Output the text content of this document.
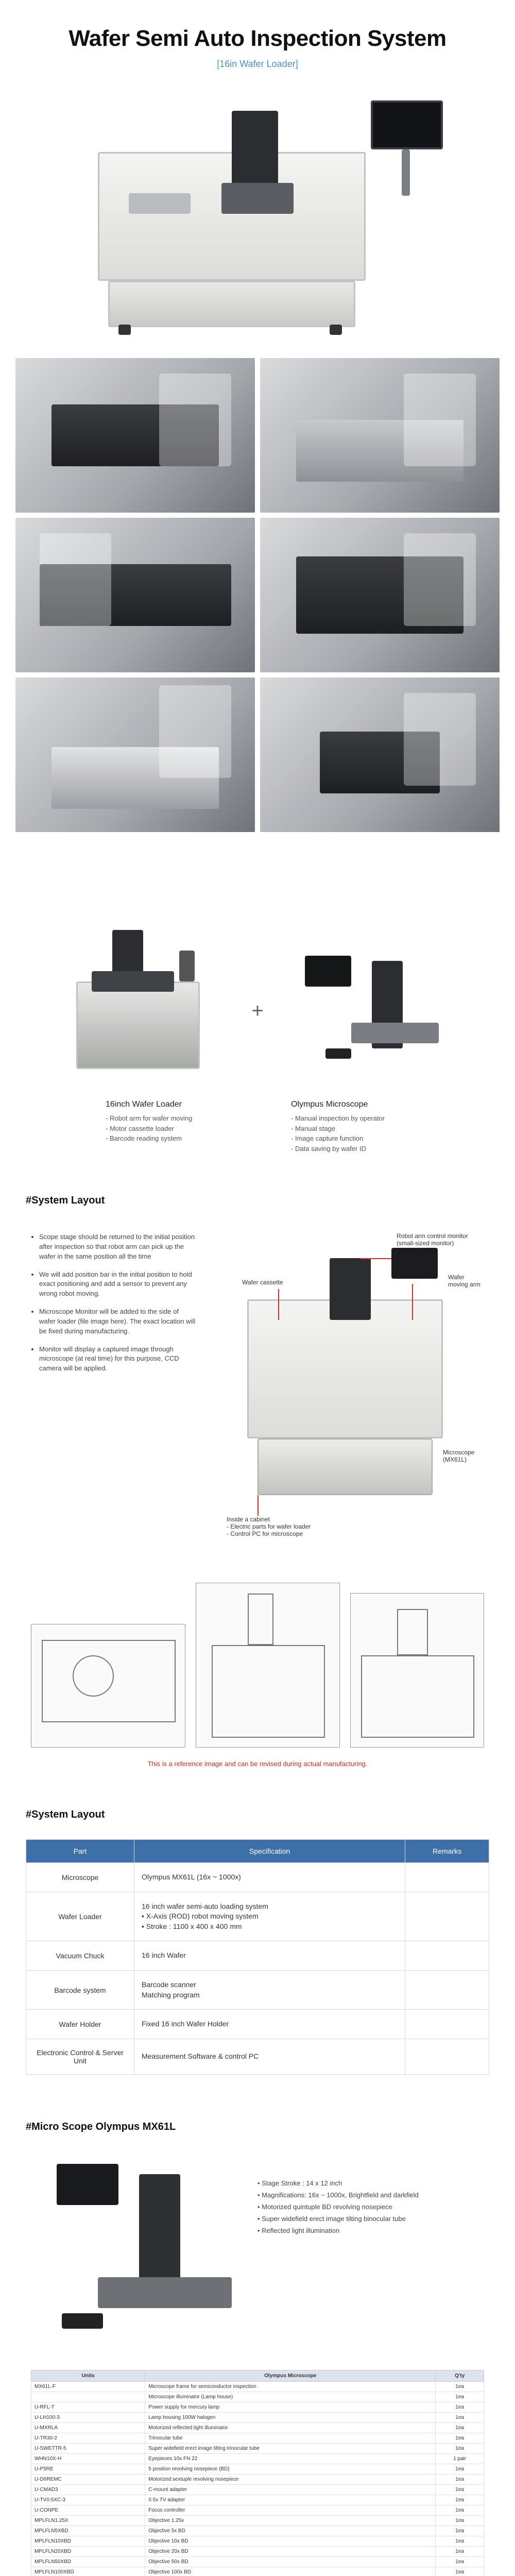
Wafer Semi Auto Inspection System
[16in Wafer Loader]
+
16inch Wafer Loader
- Robot arm for wafer moving
- Motor cassette loader
- Barcode reading system
Olympus Microscope
- Manual inspection by operator
- Manual stage
- Image capture function
- Data saving by wafer ID
#System Layout
• Scope stage should be returned to the initial position after inspection so that robot arm can pick up the wafer in the same position all the time
• We will add position bar in the initial position to hold exact positioning and add a sensor to prevent any wrong robot moving.
• Microscope Monitor will be added to the side of wafer loader (file image here). The exact location will be fixed during manufacturing.
• Monitor will display a captured image through microscope (at real time) for this purpose, CCD camera will be applied.
Robot arm control monitor
(small-sized monitor)
Wafer cassette
Wafer
moving arm
Inside a cabinet
- Electric parts for wafer loader
- Control PC for microscope
Microscope
(MX61L)
This is a reference image and can be revised during actual manufacturing.
#System Layout
Part	Specification	Remarks
Microscope	Olympus MX61L (16x ~ 1000x)	
Wafer Loader	16 inch wafer semi-auto loading system
• X-Axis (ROD) robot moving system
• Stroke : 1100 x 400 x 400 mm	
Vacuum Chuck	16 inch Wafer	
Barcode system	Barcode scanner
Matching program	
Wafer Holder	Fixed 16 inch Wafer Holder	
Electronic Control & Server Unit	Measurement Software & control PC	
#Micro Scope Olympus MX61L
• Stage Stroke : 14 x 12 inch
• Magnifications: 16x ~ 1000x, Brightfield and darkfield
• Motorized quintuple BD revolving nosepiece
• Super widefield erect image tilting binocular tube
• Reflected light illumination
Units	Olympus Microscope	Q'ty
MX61L-F	Microscope frame for semiconductor inspection	1ea
	Microscope illuminator (Lamp house)	1ea
U-RFL-T	Power supply for mercury lamp	1ea
U-LH100-3	Lamp housing 100W halogen	1ea
U-MXRLA	Motorized reflected light illuminator	1ea
U-TR30-2	Trinocular tube	1ea
U-SWETTR-5	Super widefield erect image tilting trinocular tube	1ea
WHN10X-H	Eyepieces 10x FN 22	1 pair
U-P5RE	5 position revolving nosepiece (BD)	1ea
U-D6REMC	Motorized sextuple revolving nosepiece	1ea
U-CMAD3	C-mount adapter	1ea
U-TV0.5XC-3	0.5x TV adapter	1ea
U-CONPE	Focus controller	1ea
MPLFLN1.25X	Objective 1.25x	1ea
MPLFLN5XBD	Objective 5x BD	1ea
MPLFLN10XBD	Objective 10x BD	1ea
MPLFLN20XBD	Objective 20x BD	1ea
MPLFLN50XBD	Objective 50x BD	1ea
MPLFLN100XBD	Objective 100x BD	1ea
